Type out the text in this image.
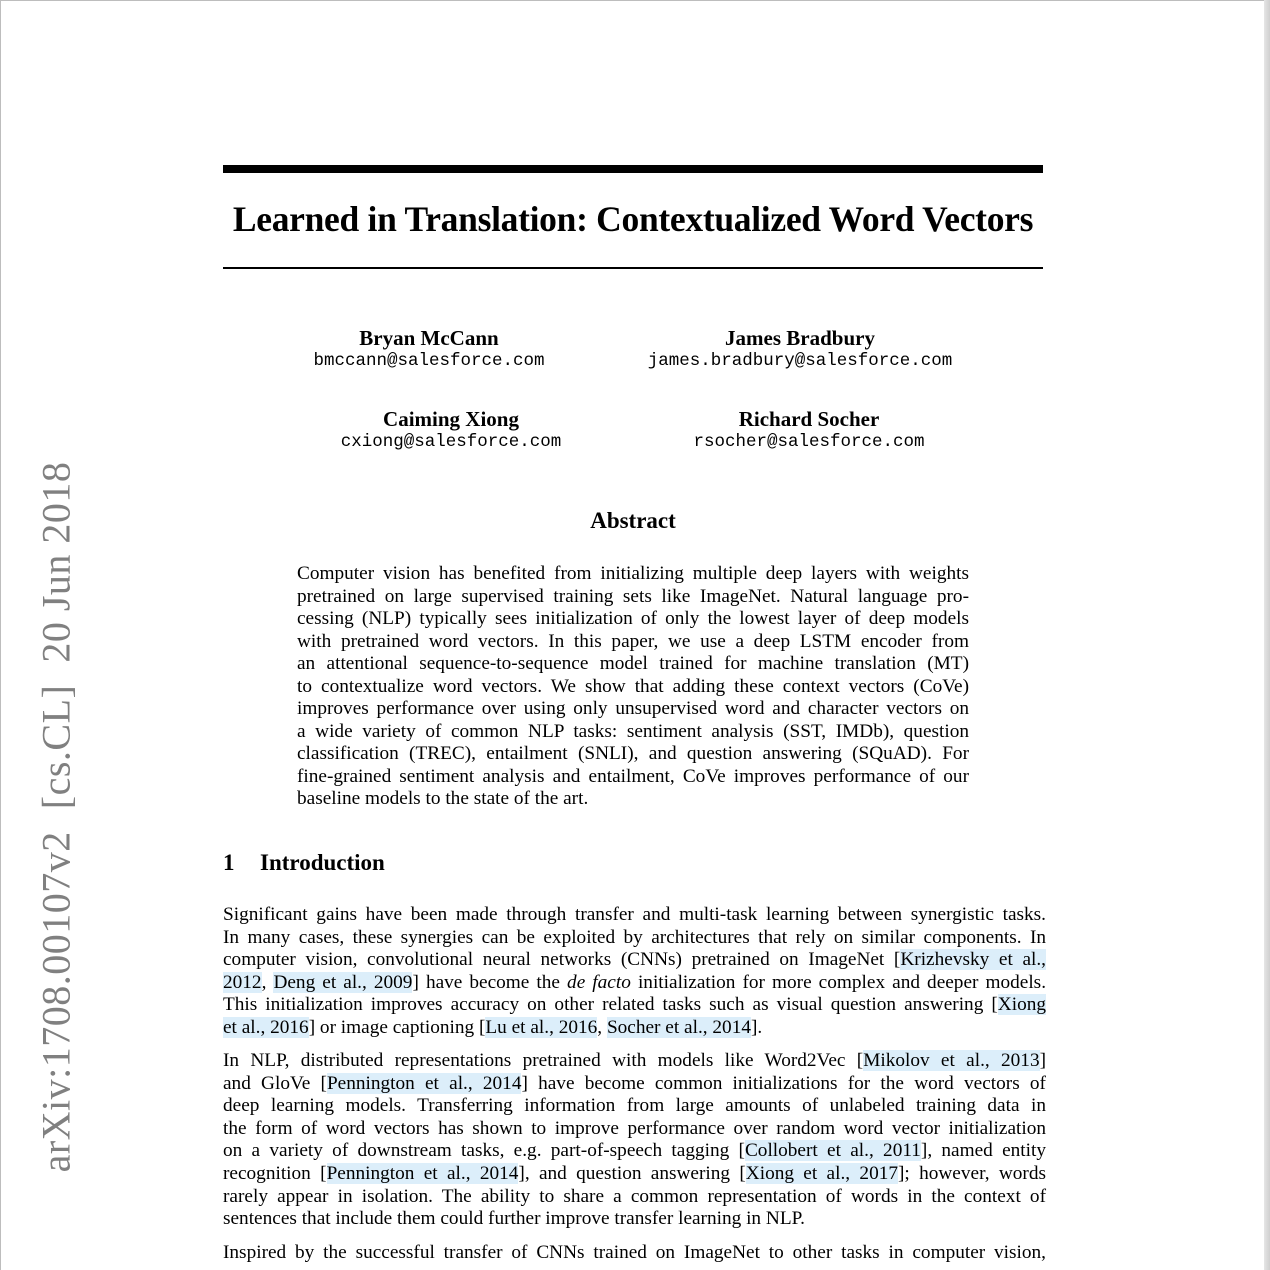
arXiv:1708.00107v2[cs.CL]20 Jun 2018
Learned in Translation: Contextualized Word Vectors
Bryan McCann
bmccann@salesforce.com
James Bradbury
james.bradbury@salesforce.com
Caiming Xiong
cxiong@salesforce.com
Richard Socher
rsocher@salesforce.com
Abstract
Computer vision has benefited from initializing multiple deep layers with weights
pretrained on large supervised training sets like ImageNet. Natural language pro-
cessing (NLP) typically sees initialization of only the lowest layer of deep models
with pretrained word vectors. In this paper, we use a deep LSTM encoder from
an attentional sequence-to-sequence model trained for machine translation (MT)
to contextualize word vectors. We show that adding these context vectors (CoVe)
improves performance over using only unsupervised word and character vectors on
a wide variety of common NLP tasks: sentiment analysis (SST, IMDb), question
classification (TREC), entailment (SNLI), and question answering (SQuAD). For
fine-grained sentiment analysis and entailment, CoVe improves performance of our
baseline models to the state of the art.
1 Introduction
Significant gains have been made through transfer and multi-task learning between synergistic tasks.
In many cases, these synergies can be exploited by architectures that rely on similar components. In
computer vision, convolutional neural networks (CNNs) pretrained on ImageNet [Krizhevsky et al.,
2012, Deng et al., 2009] have become the de facto initialization for more complex and deeper models.
This initialization improves accuracy on other related tasks such as visual question answering [Xiong
et al., 2016] or image captioning [Lu et al., 2016, Socher et al., 2014].
In NLP, distributed representations pretrained with models like Word2Vec [Mikolov et al., 2013]
and GloVe [Pennington et al., 2014] have become common initializations for the word vectors of
deep learning models. Transferring information from large amounts of unlabeled training data in
the form of word vectors has shown to improve performance over random word vector initialization
on a variety of downstream tasks, e.g. part-of-speech tagging [Collobert et al., 2011], named entity
recognition [Pennington et al., 2014], and question answering [Xiong et al., 2017]; however, words
rarely appear in isolation. The ability to share a common representation of words in the context of
sentences that include them could further improve transfer learning in NLP.
Inspired by the successful transfer of CNNs trained on ImageNet to other tasks in computer vision,
